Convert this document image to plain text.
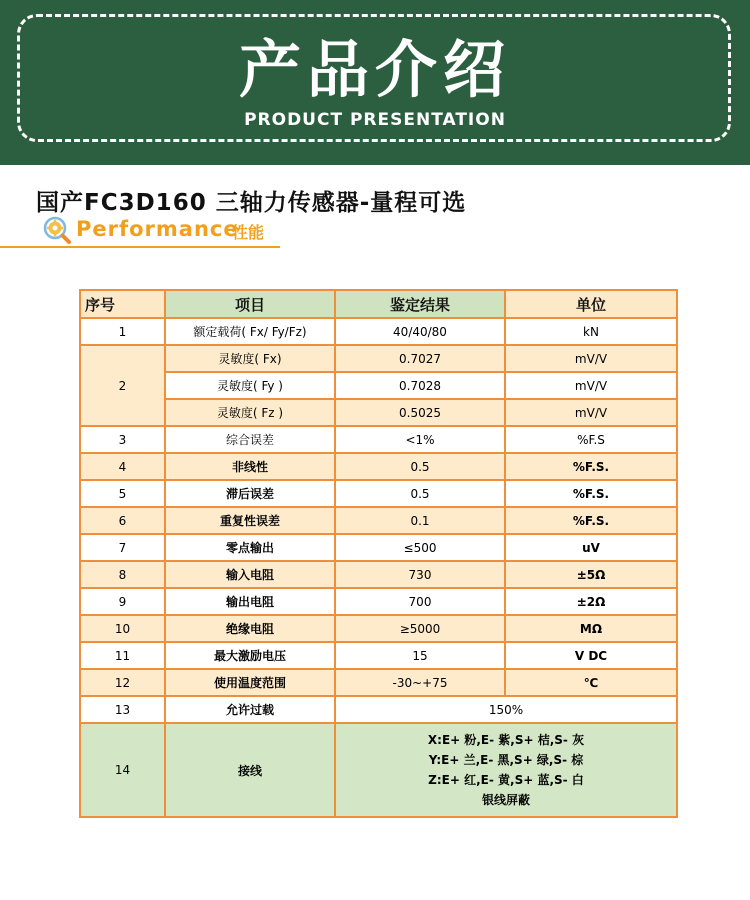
产品介绍
PRODUCT PRESENTATION
国产FC3D160 三轴力传感器-量程可选
Performance
性能
序号	项目	鉴定结果	单位
1	额定载荷( Fx/ Fy/Fz)	40/40/80	kN
2	灵敏度( Fx)	0.7027	mV/V
	灵敏度( Fy )	0.7028	mV/V
	灵敏度( Fz )	0.5025	mV/V
3	综合误差	<1%	%F.S
4	非线性	0.5	%F.S.
5	滞后误差	0.5	%F.S.
6	重复性误差	0.1	%F.S.
7	零点输出	≤500	uV
8	输入电阻	730	±5Ω
9	输出电阻	700	±2Ω
10	绝缘电阻	≥5000	MΩ
11	最大激励电压	15	V DC
12	使用温度范围	-30~+75	℃
13	允许过载	150%	
14	接线	X:E+ 粉,E- 紫,S+ 桔,S- 灰
Y:E+ 兰,E- 黑,S+ 绿,S- 棕
Z:E+ 红,E- 黄,S+ 蓝,S- 白
银线屏蔽	
